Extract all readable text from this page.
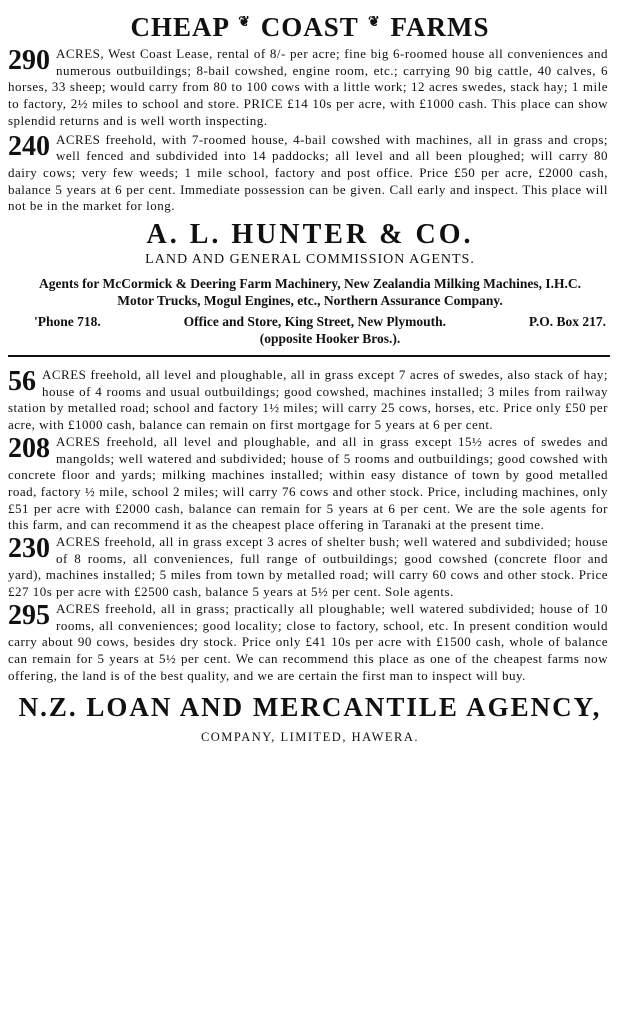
CHEAP ❦ COAST ❦ FARMS
290 ACRES, West Coast Lease, rental of 8/- per acre; fine big 6-roomed house all conveniences and numerous outbuildings; 8-bail cowshed, engine room, etc.; carrying 90 big cattle, 40 calves, 6 horses, 33 sheep; would carry from 80 to 100 cows with a little work; 12 acres swedes, stack hay; 1 mile to factory, 2½ miles to school and store. PRICE £14 10s per acre, with £1000 cash. This place can show splendid returns and is well worth inspecting.
240 ACRES freehold, with 7-roomed house, 4-bail cowshed with machines, all in grass and crops; well fenced and subdivided into 14 paddocks; all level and all been ploughed; will carry 80 dairy cows; very few weeds; 1 mile school, factory and post office. Price £50 per acre, £2000 cash, balance 5 years at 6 per cent. Immediate possession can be given. Call early and inspect. This place will not be in the market for long.
A. L. HUNTER & CO.
LAND AND GENERAL COMMISSION AGENTS.
Agents for McCormick & Deering Farm Machinery, New Zealandia Milking Machines, I.H.C. Motor Trucks, Mogul Engines, etc., Northern Assurance Company.
'Phone 718.	Office and Store, King Street, New Plymouth.	P.O. Box 217.
(opposite Hooker Bros.).
56 ACRES freehold, all level and ploughable, all in grass except 7 acres of swedes, also stack of hay; house of 4 rooms and usual outbuildings; good cowshed, machines installed; 3 miles from railway station by metalled road; school and factory 1½ miles; will carry 25 cows, horses, etc. Price only £50 per acre, with £1000 cash, balance can remain on first mortgage for 5 years at 6 per cent.
208 ACRES freehold, all level and ploughable, and all in grass except 15½ acres of swedes and mangolds; well watered and subdivided; house of 5 rooms and outbuildings; good cowshed with concrete floor and yards; milking machines installed; within easy distance of town by good metalled road, factory ½ mile, school 2 miles; will carry 76 cows and other stock. Price, including machines, only £51 per acre with £2000 cash, balance can remain for 5 years at 6 per cent. We are the sole agents for this farm, and can recommend it as the cheapest place offering in Taranaki at the present time.
230 ACRES freehold, all in grass except 3 acres of shelter bush; well watered and subdivided; house of 8 rooms, all conveniences, full range of outbuildings; good cowshed (concrete floor and yard), machines installed; 5 miles from town by metalled road; will carry 60 cows and other stock. Price £27 10s per acre with £2500 cash, balance 5 years at 5½ per cent. Sole agents.
295 ACRES freehold, all in grass; practically all ploughable; well watered subdivided; house of 10 rooms, all conveniences; good locality; close to factory, school, etc. In present condition would carry about 90 cows, besides dry stock. Price only £41 10s per acre with £1500 cash, whole of balance can remain for 5 years at 5½ per cent. We can recommend this place as one of the cheapest farms now offering, the land is of the best quality, and we are certain the first man to inspect will buy.
N.Z. LOAN AND MERCANTILE AGENCY,
COMPANY, LIMITED, HAWERA.
